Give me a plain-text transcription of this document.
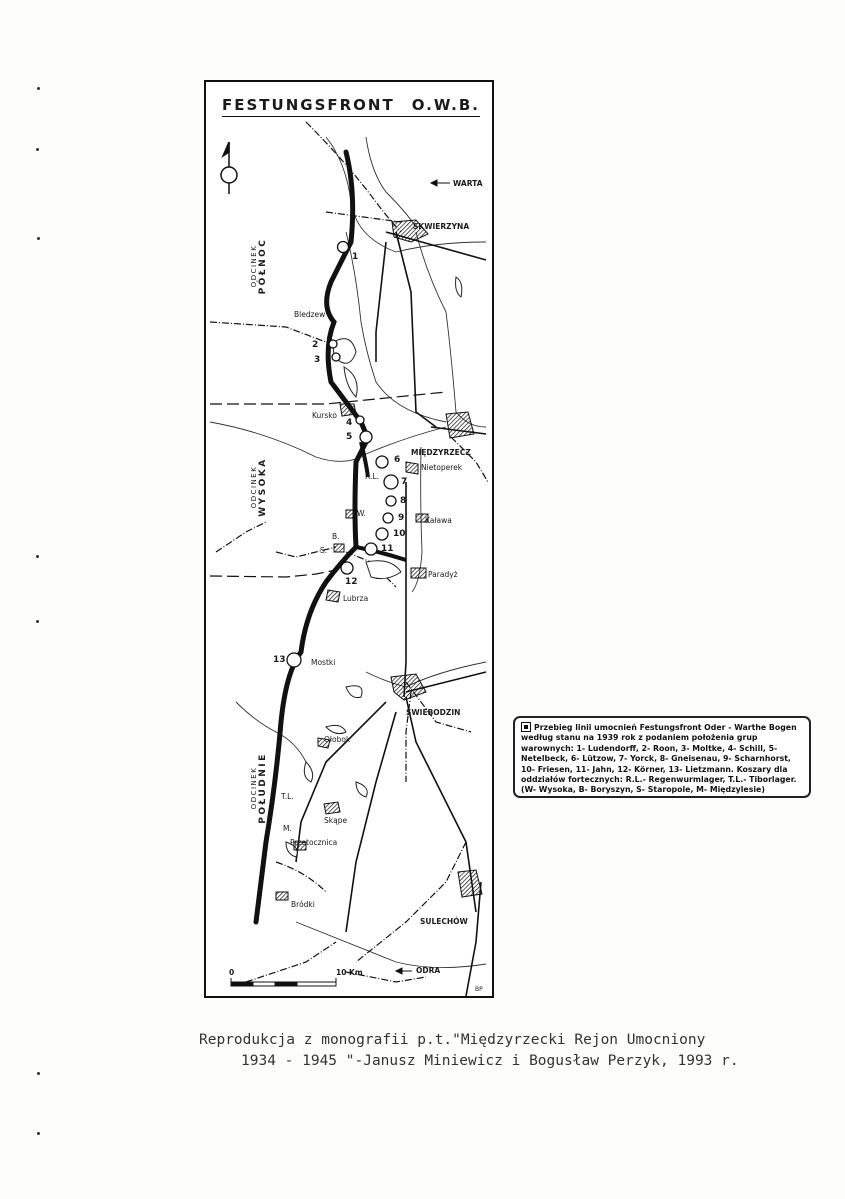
FESTUNGSFRONT O.W.B.
ODCINEK PÓŁNOC
ODCINEK WYSOKA
ODCINEK POŁUDNIE
SKWIERZYNA
WARTA
Bledzew
Kursko
MIĘDZYRZECZ
Nietoperek
Kaława
Paradyż
Lubrza
Mostki
ŚWIEBODZIN
Ołobok
Skąpe
Przetocznica
Bródki
SULECHÓW
ODRA
R.L.
W.
B.
S.
T.L.
M.
1
2
3
4
5
6
7
8
9
10
11
12
13
0	10 Km
BP
Przebieg linii umocnień Festungsfront Oder - Warthe Bogen według stanu na 1939 rok z podaniem położenia grup warownych: 1- Ludendorff, 2- Roon, 3- Moltke, 4- Schill, 5- Netelbeck, 6- Lützow, 7- Yorck, 8- Gneisenau, 9- Scharnhorst, 10- Friesen, 11- Jahn, 12- Körner, 13- Lietzmann. Koszary dla oddziałów fortecznych: R.L.- Regenwurmlager, T.L.- Tiborlager. (W- Wysoka, B- Boryszyn, S- Staropole, M- Międzylesie)
Reprodukcja z monografii p.t."Międzyrzecki Rejon Umocniony
1934 - 1945 "-Janusz Miniewicz i Bogusław Perzyk, 1993 r.
